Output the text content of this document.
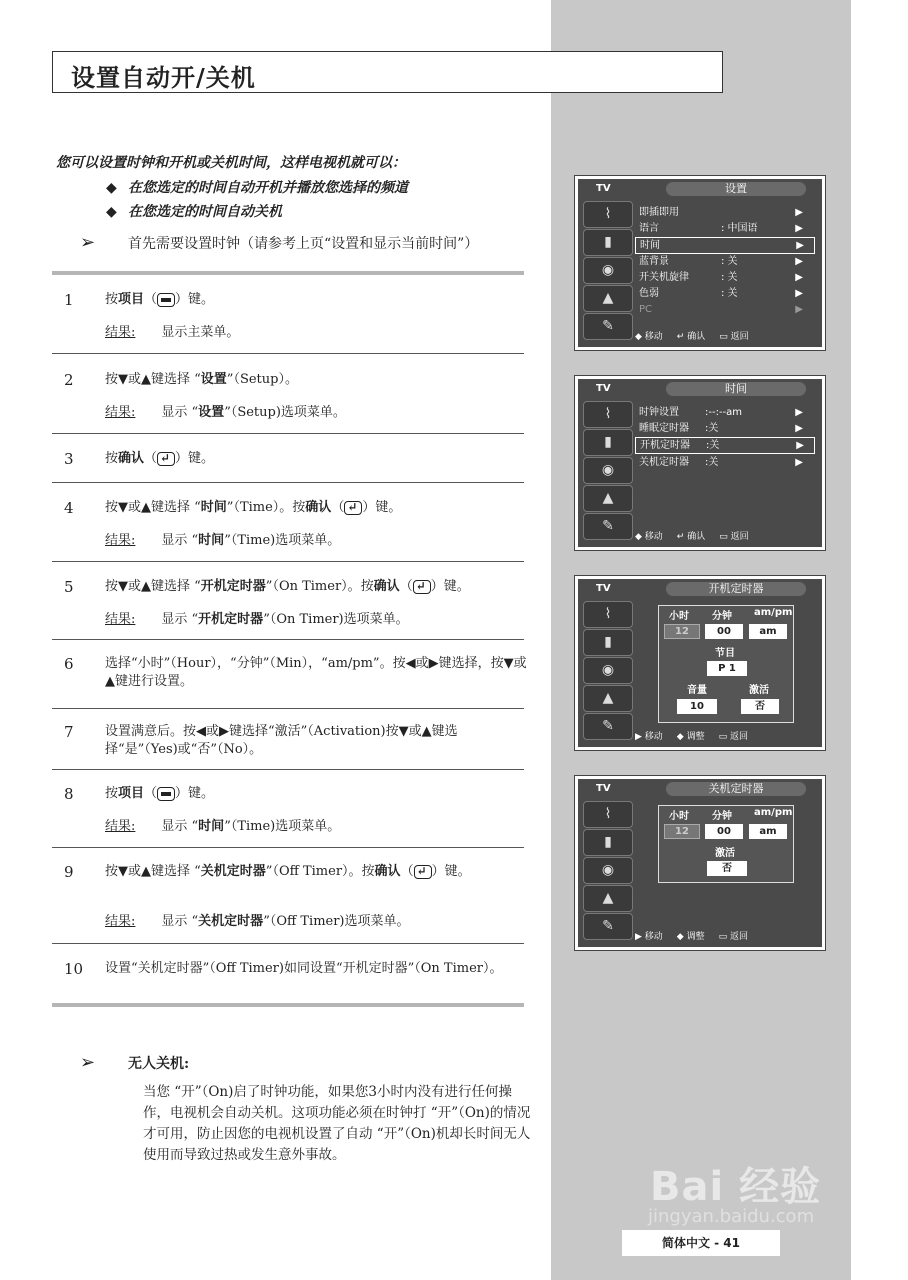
设置自动开/关机
您可以设置时钟和开机或关机时间，这样电视机就可以：
◆ 在您选定的时间自动开机并播放您选择的频道
◆ 在您选定的时间自动关机
➢ 首先需要设置时钟（请参考上页“设置和显示当前时间”）
1 按项目（ ）键。
结果: 显示主菜单。
2 按▼或▲键选择 “设置”（Setup）。
结果: 显示 “设置”（Setup)选项菜单。
3 按确认（ ↵ ）键。
4 按▼或▲键选择 “时间”（Time）。按确认（ ↵ ）键。
结果: 显示 “时间”（Time)选项菜单。
5 按▼或▲键选择 “开机定时器”（On Timer）。按确认（ ↵ ）键。
结果: 显示 “开机定时器”（On Timer)选项菜单。
6 选择“小时”（Hour），“分钟”（Min），“am/pm”。按◀或▶键选择，按▼或▲键进行设置。
7 设置满意后。按◀或▶键选择“激活”（Activation)按▼或▲键选择“是”（Yes)或“否”（No）。
8 按项目（ ）键。
结果: 显示 “时间”（Time)选项菜单。
9 按▼或▲键选择 “关机定时器”（Off Timer）。按确认（ ↵ ）键。
结果: 显示 “关机定时器”（Off Timer)选项菜单。
10 设置“关机定时器”（Off Timer)如同设置“开机定时器”（On Timer）。
➢ 无人关机:
当您 “开”（On)启了时钟功能，如果您3小时内没有进行任何操作，电视机会自动关机。这项功能必须在时钟打 “开”（On)的情况才可用，防止因您的电视机设置了自动 “开”（On)机却长时间无人使用而导致过热或发生意外事故。
TV	设置
⌇
▮
◉
▲
✎
即插即用	▶
语言	: 中国语	▶
时间	▶
蓝背景	: 关	▶
开关机旋律	: 关	▶
色弱	: 关	▶
PC	▶
◆ 移动 ↵ 确认 ▭ 返回
TV	时间
⌇
▮
◉
▲
✎
时钟设置	:--:--am	▶
睡眠定时器 :关	▶
开机定时器 :关	▶
关机定时器 :关	▶
◆ 移动 ↵ 确认 ▭ 返回
TV	开机定时器
⌇
▮
◉
▲
✎
小时 分钟 am/pm
12	00	am
节目
P 1
音量	激活
10	否
▶ 移动 ◆ 调整 ▭ 返回
TV	关机定时器
⌇
▮
◉
▲
✎
小时 分钟 am/pm
12	00	am
激活
否
▶ 移动 ◆ 调整 ▭ 返回
Bai 经验
jingyan.baidu.com
简体中文 - 41
